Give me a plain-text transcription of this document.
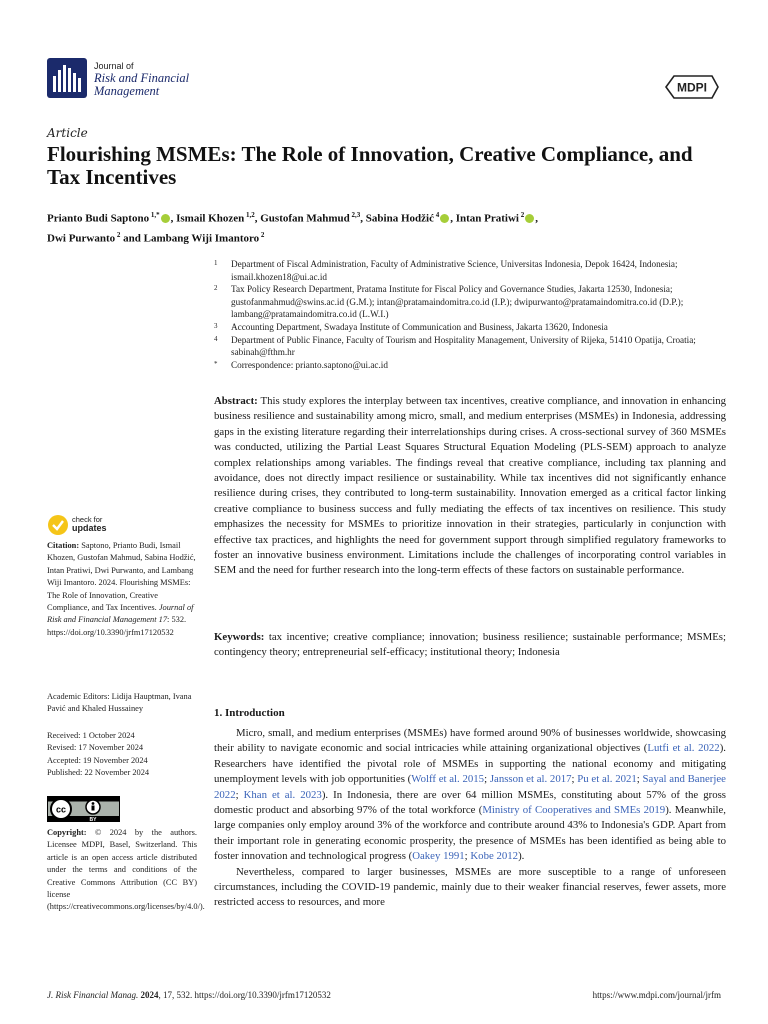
Journal of
Risk and Financial
Management	MDPI
Article
Flourishing MSMEs: The Role of Innovation, Creative Compliance, and Tax Incentives
Prianto Budi Saptono $^{1,*}$ , Ismail Khozen $^{1,2}$, Gustofan Mahmud $^{2,3}$, Sabina Hodžić $^4$ , Intan Pratiwi $^2$ ,
Dwi Purwanto $^2$ and Lambang Wiji Imantoro $^2$
1	Department of Fiscal Administration, Faculty of Administrative Science, Universitas Indonesia, Depok 16424, Indonesia; ismail.khozen18@ui.ac.id
2	Tax Policy Research Department, Pratama Institute for Fiscal Policy and Governance Studies, Jakarta 12530, Indonesia; gustofanmahmud@swins.ac.id (G.M.); intan@pratamaindomitra.co.id (I.P.); dwipurwanto@pratamaindomitra.co.id (D.P.); lambang@pratamaindomitra.co.id (L.W.I.)
3	Accounting Department, Swadaya Institute of Communication and Business, Jakarta 13620, Indonesia
4	Department of Public Finance, Faculty of Tourism and Hospitality Management, University of Rijeka, 51410 Opatija, Croatia; sabinah@fthm.hr
*	Correspondence: prianto.saptono@ui.ac.id
Abstract: This study explores the interplay between tax incentives, creative compliance, and innovation in enhancing business resilience and sustainability among micro, small, and medium enterprises (MSMEs) in Indonesia, addressing gaps in the existing literature regarding their interrelationships during crises. A cross-sectional survey of 360 MSMEs was conducted, utilizing the Partial Least Squares Structural Equation Modeling (PLS-SEM) approach to analyze complex relationships among variables. The findings reveal that creative compliance, including tax planning and avoidance, does not directly impact resilience or sustainability. While tax incentives did not significantly enhance resilience during crises, they contributed to long-term sustainability. Innovation emerged as a critical factor linking creative compliance to business success and fully mediating the effects of tax incentives on resilience. This study emphasizes the necessity for MSMEs to prioritize innovation in their strategies, particularly in conjunction with effective tax practices, and highlights the need for government support through simplified regulatory frameworks to foster an innovative business environment. Limitations include the challenges of incorporating control variables in SEM and the need for further research into the long-term effects of these factors on sustainable performance.
Keywords: tax incentive; creative compliance; innovation; business resilience; sustainable performance; MSMEs; contingency theory; entrepreneurial self-efficacy; institutional theory; Indonesia
1. Introduction

Micro, small, and medium enterprises (MSMEs) have formed around 90% of businesses worldwide, showcasing their ability to navigate economic and social intricacies while attaining organizational objectives (Lutfi et al. 2022). Researchers have identified the pivotal role of MSMEs in supporting the national economy and mitigating unemployment levels with job opportunities (Wolff et al. 2015; Jansson et al. 2017; Pu et al. 2021; Sayal and Banerjee 2022; Khan et al. 2023). In Indonesia, there are over 64 million MSMEs, constituting about 57% of the gross domestic product and absorbing 97% of the total workforce (Ministry of Cooperatives and SMEs 2019). Meanwhile, large companies only employ around 3% of the workforce and contribute around 43% to Indonesia's GDP. Apart from their important role in generating economic prosperity, the presence of MSMEs has been identified as being able to foster innovation and technological progress (Oakey 1991; Kobe 2012).

Nevertheless, compared to larger businesses, MSMEs are more susceptible to a range of unforeseen circumstances, including the COVID-19 pandemic, mainly due to their weaker financial reserves, fewer assets, more restricted access to resources, and more

check for
updates
Citation: Saptono, Prianto Budi, Ismail Khozen, Gustofan Mahmud, Sabina Hodžić, Intan Pratiwi, Dwi Purwanto, and Lambang Wiji Imantoro. 2024. Flourishing MSMEs: The Role of Innovation, Creative Compliance, and Tax Incentives. Journal of Risk and Financial Management 17: 532. https://doi.org/10.3390/jrfm17120532
Academic Editors: Lidija Hauptman, Ivana Pavić and Khaled Hussainey
Received: 1 October 2024
Revised: 17 November 2024
Accepted: 19 November 2024
Published: 22 November 2024
cc
BY
Copyright: © 2024 by the authors. Licensee MDPI, Basel, Switzerland. This article is an open access article distributed under the terms and conditions of the Creative Commons Attribution (CC BY) license (https://creativecommons.org/licenses/by/4.0/).
J. Risk Financial Manag. 2024, 17, 532. https://doi.org/10.3390/jrfm17120532	https://www.mdpi.com/journal/jrfm
